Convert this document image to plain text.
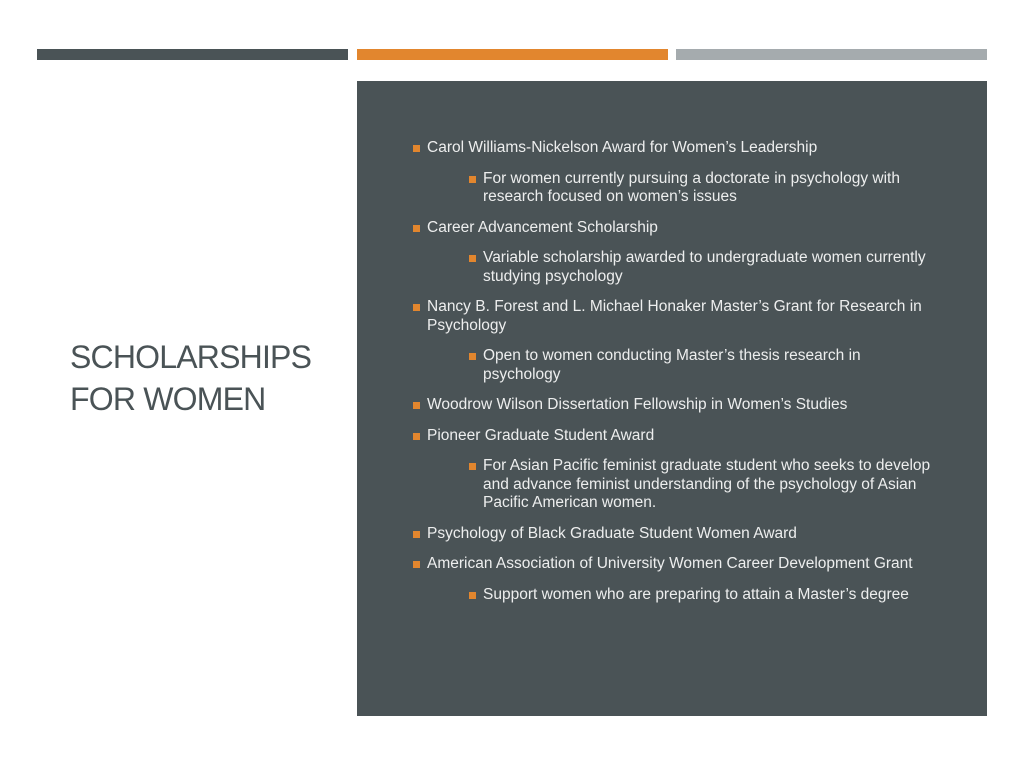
SCHOLARSHIPS FOR WOMEN
Carol Williams-Nickelson Award for Women’s Leadership
For women currently pursuing a doctorate in psychology with research focused on women’s issues
Career Advancement Scholarship
Variable scholarship awarded to undergraduate women currently studying psychology
Nancy B. Forest and L. Michael Honaker Master’s Grant for Research in Psychology
Open to women conducting Master’s thesis research in psychology
Woodrow Wilson Dissertation Fellowship in Women’s Studies
Pioneer Graduate Student Award
For Asian Pacific feminist graduate student who seeks to develop and advance feminist understanding of the psychology of Asian Pacific American women.
Psychology of Black Graduate Student Women Award
American Association of University Women Career Development Grant
Support women who are preparing to attain a Master’s degree
